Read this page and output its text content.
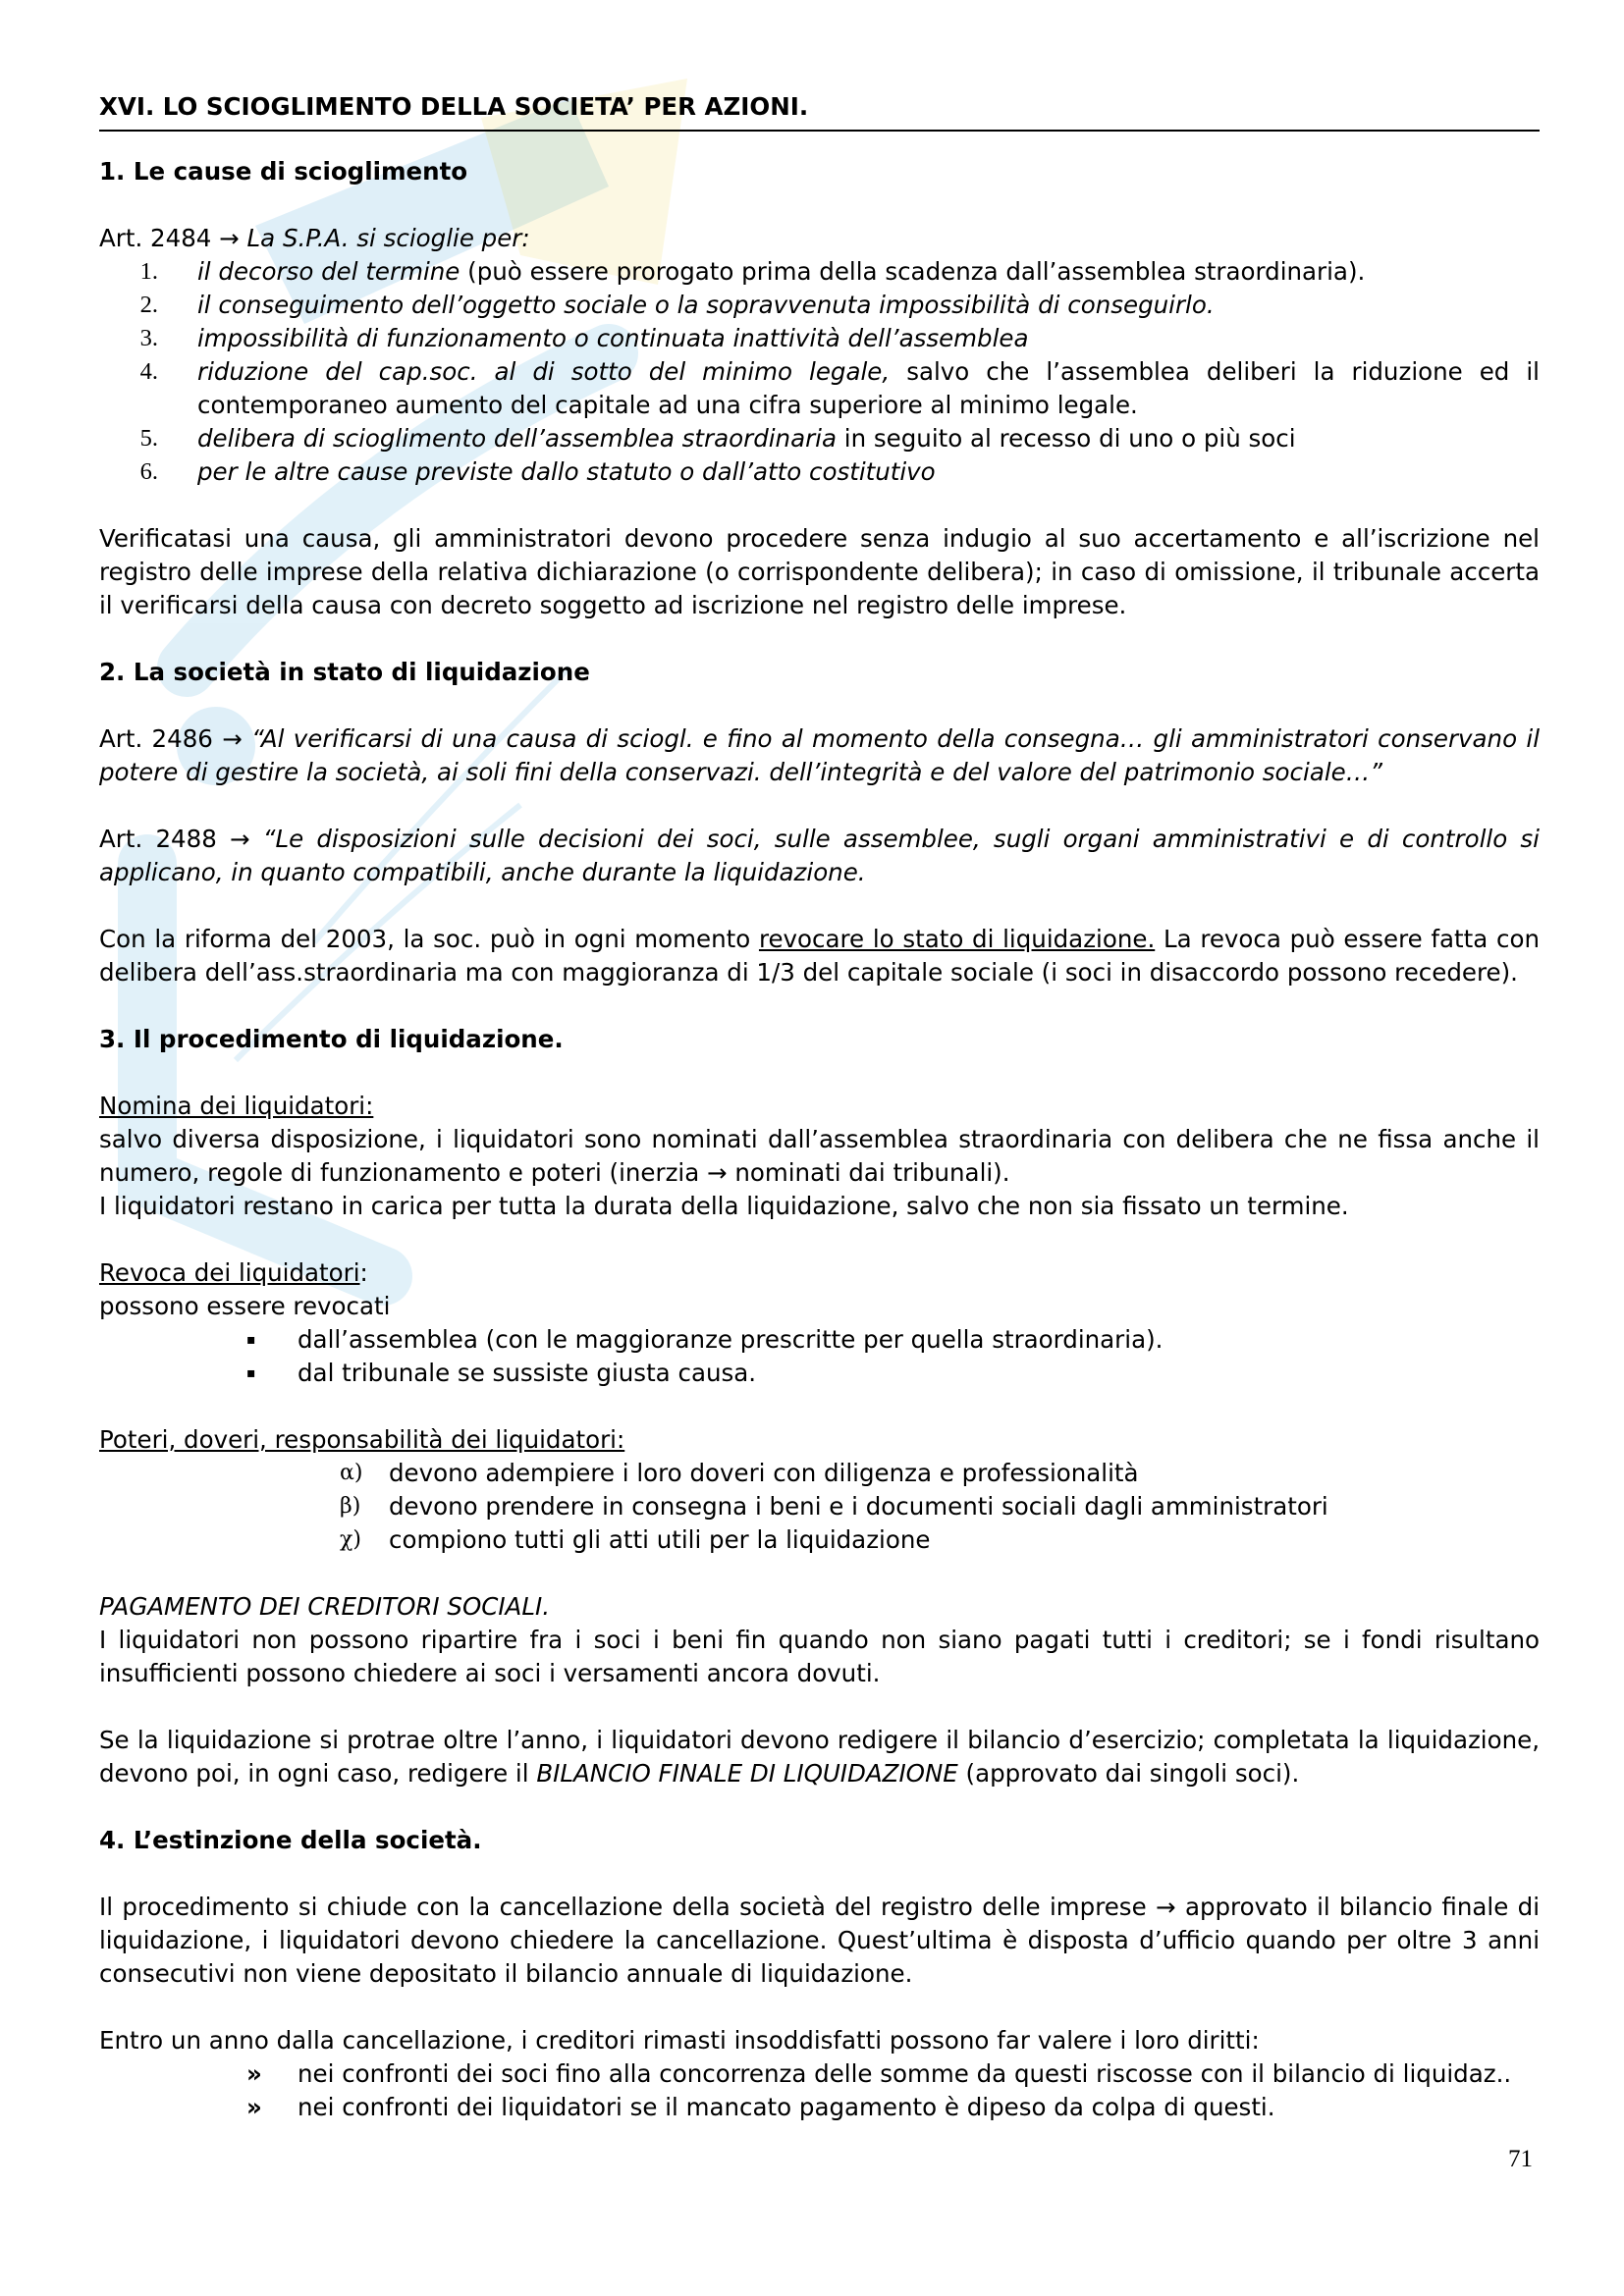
XVI. LO SCIOGLIMENTO DELLA SOCIETA’ PER AZIONI.
1. Le cause di scioglimento

Art. 2484 → La S.P.A. si scioglie per:

1.	il decorso del termine (può essere prorogato prima della scadenza dall’assemblea straordinaria).
2.	il conseguimento dell’oggetto sociale o la sopravvenuta impossibilità di conseguirlo.
3.	impossibilità di funzionamento o continuata inattività dell’assemblea
4.	riduzione del cap.soc. al di sotto del minimo legale, salvo che l’assemblea deliberi la riduzione ed il contemporaneo aumento del capitale ad una cifra superiore al minimo legale.
5.	delibera di scioglimento dell’assemblea straordinaria in seguito al recesso di uno o più soci
6.	per le altre cause previste dallo statuto o dall’atto costitutivo

Verificatasi una causa, gli amministratori devono procedere senza indugio al suo accertamento e all’iscrizione nel registro delle imprese della relativa dichiarazione (o corrispondente delibera); in caso di omissione, il tribunale accerta il verificarsi della causa con decreto soggetto ad iscrizione nel registro delle imprese.

2. La società in stato di liquidazione

Art. 2486 → “Al verificarsi di una causa di sciogl. e fino al momento della consegna… gli amministratori conservano il potere di gestire la società, ai soli fini della conservazi. dell’integrità e del valore del patrimonio sociale…”

Art. 2488 → “Le disposizioni sulle decisioni dei soci, sulle assemblee, sugli organi amministrativi e di controllo si applicano, in quanto compatibili, anche durante la liquidazione.

Con la riforma del 2003, la soc. può in ogni momento revocare lo stato di liquidazione. La revoca può essere fatta con delibera dell’ass.straordinaria ma con maggioranza di 1/3 del capitale sociale (i soci in disaccordo possono recedere).

3. Il procedimento di liquidazione.

Nomina dei liquidatori:

salvo diversa disposizione, i liquidatori sono nominati dall’assemblea straordinaria con delibera che ne fissa anche il numero, regole di funzionamento e poteri (inerzia → nominati dai tribunali).

I liquidatori restano in carica per tutta la durata della liquidazione, salvo che non sia fissato un termine.

Revoca dei liquidatori:

possono essere revocati

▪	dall’assemblea (con le maggioranze prescritte per quella straordinaria).
▪	dal tribunale se sussiste giusta causa.

Poteri, doveri, responsabilità dei liquidatori:

α)	devono adempiere i loro doveri con diligenza e professionalità
β)	devono prendere in consegna i beni e i documenti sociali dagli amministratori
χ)	compiono tutti gli atti utili per la liquidazione

PAGAMENTO DEI CREDITORI SOCIALI.

I liquidatori non possono ripartire fra i soci i beni fin quando non siano pagati tutti i creditori; se i fondi risultano insufficienti possono chiedere ai soci i versamenti ancora dovuti.

Se la liquidazione si protrae oltre l’anno, i liquidatori devono redigere il bilancio d’esercizio; completata la liquidazione, devono poi, in ogni caso, redigere il BILANCIO FINALE DI LIQUIDAZIONE (approvato dai singoli soci).

4. L’estinzione della società.

Il procedimento si chiude con la cancellazione della società del registro delle imprese → approvato il bilancio finale di liquidazione, i liquidatori devono chiedere la cancellazione. Quest’ultima è disposta d’ufficio quando per oltre 3 anni consecutivi non viene depositato il bilancio annuale di liquidazione.

Entro un anno dalla cancellazione, i creditori rimasti insoddisfatti possono far valere i loro diritti:

»	nei confronti dei soci fino alla concorrenza delle somme da questi riscosse con il bilancio di liquidaz..
»	nei confronti dei liquidatori se il mancato pagamento è dipeso da colpa di questi.
71
